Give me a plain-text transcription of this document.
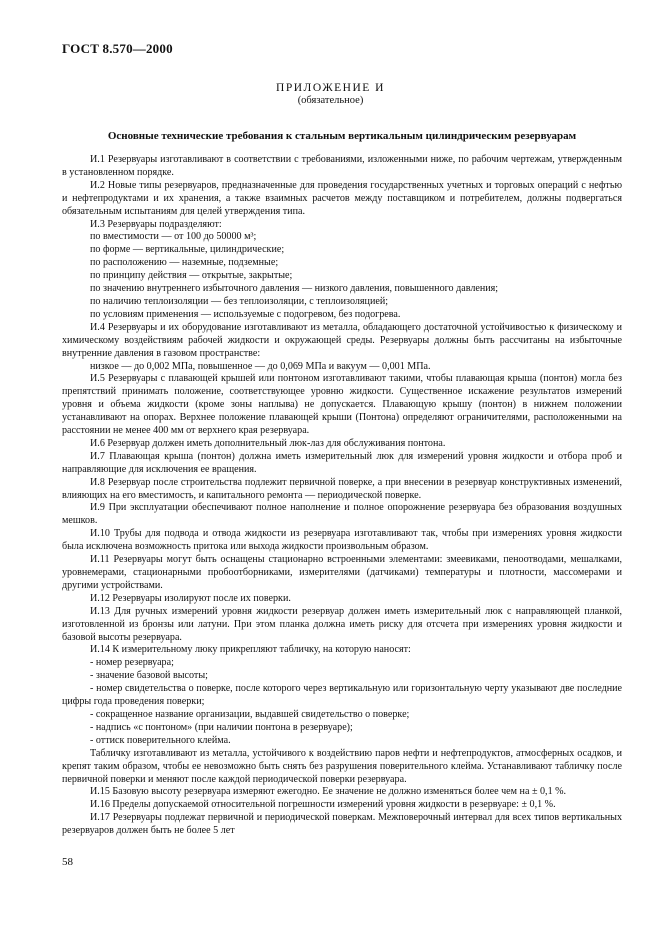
ГОСТ 8.570—2000
ПРИЛОЖЕНИЕ И
(обязательное)
Основные технические требования к стальным вертикальным цилиндрическим резервуарам

И.1 Резервуары изготавливают в соответствии с требованиями, изложенными ниже, по рабочим чертежам, утвержденным в установленном порядке.

И.2 Новые типы резервуаров, предназначенные для проведения государственных учетных и торговых операций с нефтью и нефтепродуктами и их хранения, а также взаимных расчетов между поставщиком и потребителем, должны подвергаться обязательным испытаниям для целей утверждения типа.

И.3 Резервуары подразделяют:

по вместимости — от 100 до 50000 м³;

по форме — вертикальные, цилиндрические;

по расположению — наземные, подземные;

по принципу действия — открытые, закрытые;

по значению внутреннего избыточного давления — низкого давления, повышенного давления;

по наличию теплоизоляции — без теплоизоляции, с теплоизоляцией;

по условиям применения — используемые с подогревом, без подогрева.

И.4 Резервуары и их оборудование изготавливают из металла, обладающего достаточной устойчивостью к физическому и химическому воздействиям рабочей жидкости и окружающей среды. Резервуары должны быть рассчитаны на избыточные внутренние давления в газовом пространстве:

низкое — до 0,002 МПа, повышенное — до 0,069 МПа и вакуум — 0,001 МПа.

И.5 Резервуары с плавающей крышей или понтоном изготавливают такими, чтобы плавающая крыша (понтон) могла без препятствий принимать положение, соответствующее уровню жидкости. Существенное искажение результатов измерений уровня и объема жидкости (кроме зоны наплыва) не допускается. Плавающую крышу (понтон) в нижнем положении устанавливают на опорах. Верхнее положение плавающей крыши (Понтона) определяют ограничителями, расположенными на расстоянии не менее 400 мм от верхнего края резервуара.

И.6 Резервуар должен иметь дополнительный люк-лаз для обслуживания понтона.

И.7 Плавающая крыша (понтон) должна иметь измерительный люк для измерений уровня жидкости и отбора проб и направляющие для исключения ее вращения.

И.8 Резервуар после строительства подлежит первичной поверке, а при внесении в резервуар конструктивных изменений, влияющих на его вместимость, и капитального ремонта — периодической поверке.

И.9 При эксплуатации обеспечивают полное наполнение и полное опорожнение резервуара без образования воздушных мешков.

И.10 Трубы для подвода и отвода жидкости из резервуара изготавливают так, чтобы при измерениях уровня жидкости была исключена возможность притока или выхода жидкости произвольным образом.

И.11 Резервуары могут быть оснащены стационарно встроенными элементами: змеевиками, пеноотводами, мешалками, уровнемерами, стационарными пробоотборниками, измерителями (датчиками) температуры и плотности, массомерами и другими устройствами.

И.12 Резервуары изолируют после их поверки.

И.13 Для ручных измерений уровня жидкости резервуар должен иметь измерительный люк с направляющей планкой, изготовленной из бронзы или латуни. При этом планка должна иметь риску для отсчета при измерениях уровня жидкости и базовой высоты резервуара.

И.14 К измерительному люку прикрепляют табличку, на которую наносят:

- номер резервуара;

- значение базовой высоты;

- номер свидетельства о поверке, после которого через вертикальную или горизонтальную черту указывают две последние цифры года проведения поверки;

- сокращенное название организации, выдавшей свидетельство о поверке;

- надпись «с понтоном» (при наличии понтона в резервуаре);

- оттиск поверительного клейма.

Табличку изготавливают из металла, устойчивого к воздействию паров нефти и нефтепродуктов, атмосферных осадков, и крепят таким образом, чтобы ее невозможно быть снять без разрушения поверительного клейма. Устанавливают табличку после первичной поверки и меняют после каждой периодической поверки резервуара.

И.15 Базовую высоту резервуара измеряют ежегодно. Ее значение не должно изменяться более чем на ± 0,1 %.

И.16 Пределы допускаемой относительной погрешности измерений уровня жидкости в резервуаре: ± 0,1 %.

И.17 Резервуары подлежат первичной и периодической поверкам. Межповерочный интервал для всех типов вертикальных резервуаров должен быть не более 5 лет

58
